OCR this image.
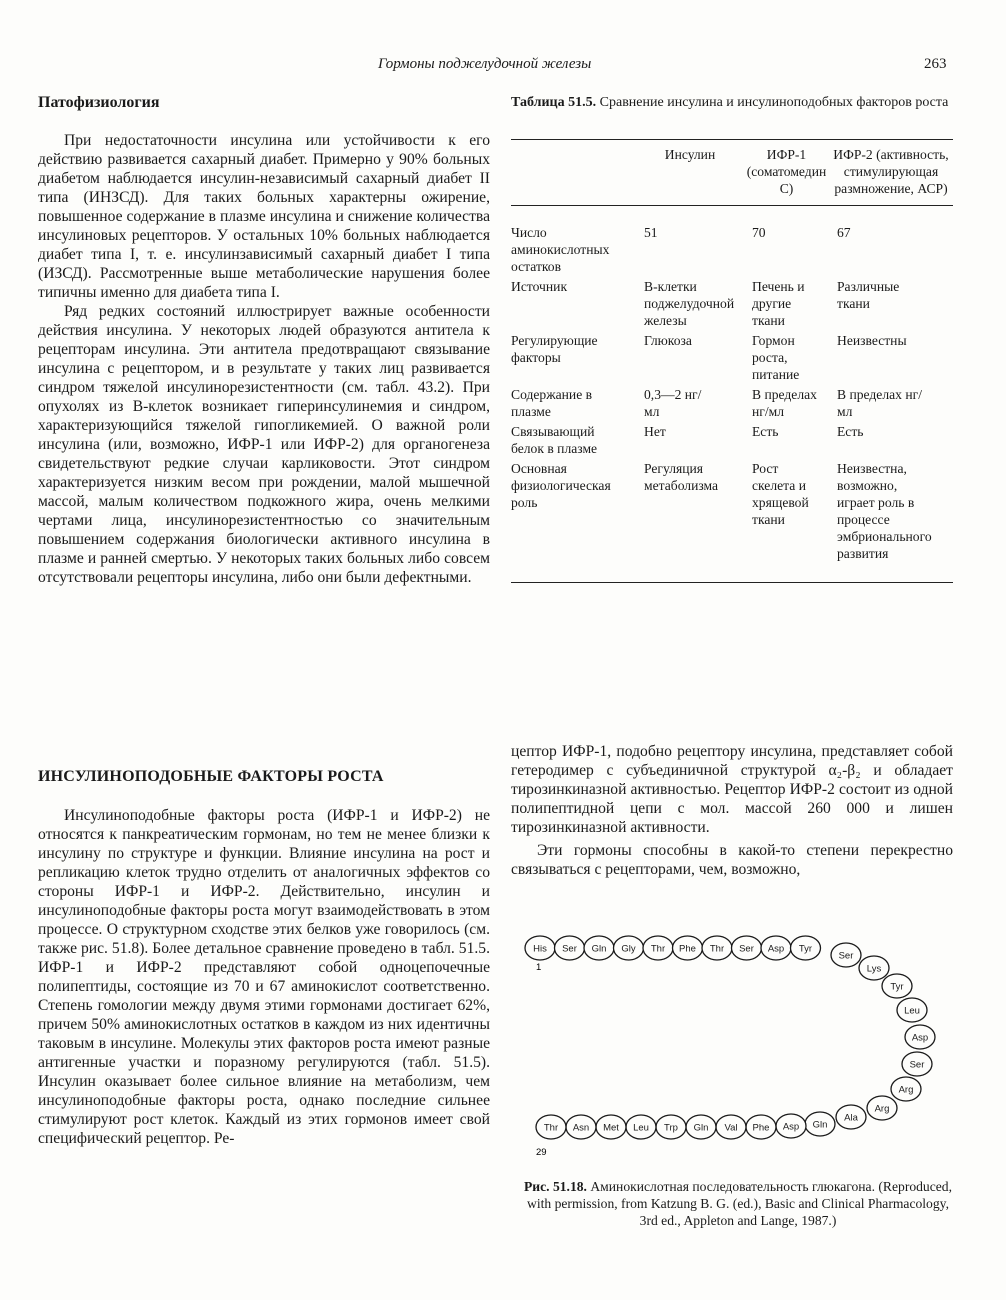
Гормоны поджелудочной железы	263
Патофизиология

При недостаточности инсулина или устойчивости к его действию развивается сахарный диабет. Примерно у 90% больных диабетом наблюдается инсулин-независимый сахарный диабет II типа (ИНЗСД). Для таких больных характерны ожирение, повышенное содержание в плазме инсулина и снижение количества инсулиновых рецепторов. У остальных 10% больных наблюдается диабет типа I, т. е. инсулинзависимый сахарный диабет I типа (ИЗСД). Рассмотренные выше метаболические нарушения более типичны именно для диабета типа I.

Ряд редких состояний иллюстрирует важные особенности действия инсулина. У некоторых людей образуются антитела к рецепторам инсулина. Эти антитела предотвращают связывание инсулина с рецептором, и в результате у таких лиц развивается синдром тяжелой инсулинорезистентности (см. табл. 43.2). При опухолях из В-клеток возникает гиперинсулинемия и синдром, характеризующийся тяжелой гипогликемией. О важной роли инсулина (или, возможно, ИФР-1 или ИФР-2) для органогенеза свидетельствуют редкие случаи карликовости. Этот синдром характеризуется низким весом при рождении, малой мышечной массой, малым количеством подкожного жира, очень мелкими чертами лица, инсулинорезистентностью со значительным повышением содержания биологически активного инсулина в плазме и ранней смертью. У некоторых таких больных либо совсем отсутствовали рецепторы инсулина, либо они были дефектными.

ИНСУЛИНОПОДОБНЫЕ ФАКТОРЫ РОСТА

Инсулиноподобные факторы роста (ИФР-1 и ИФР-2) не относятся к панкреатическим гормонам, но тем не менее близки к инсулину по структуре и функции. Влияние инсулина на рост и репликацию клеток трудно отделить от аналогичных эффектов со стороны ИФР-1 и ИФР-2. Действительно, инсулин и инсулиноподобные факторы роста могут взаимодействовать в этом процессе. О структурном сходстве этих белков уже говорилось (см. также рис. 51.8). Более детальное сравнение проведено в табл. 51.5. ИФР-1 и ИФР-2 представляют собой одноцепочечные полипептиды, состоящие из 70 и 67 аминокислот соответственно. Степень гомологии между двумя этими гормонами достигает 62%, причем 50% аминокислотных остатков в каждом из них идентичны таковым в инсулине. Молекулы этих факторов роста имеют разные антигенные участки и поразному регулируются (табл. 51.5). Инсулин оказывает более сильное влияние на метаболизм, чем инсулиноподобные факторы роста, однако последние сильнее стимулируют рост клеток. Каждый из этих гормонов имеет свой специфический рецептор. Ре-

Таблица 51.5. Сравнение инсулина и инсулиноподобных факторов роста
	Инсулин	ИФР-1 (соматомедин С)	ИФР-2 (активность, стимулирующая размножение, АСР)
Число аминокислотных остатков	51	70	67
Источник	В-клетки поджелудочной железы	Печень и другие ткани	Различные ткани
Регулирующие факторы	Глюкоза	Гормон роста, питание	Неизвестны
Содержание в плазме	0,3—2 нг/мл	В пределах нг/мл	В пределах нг/мл
Связывающий белок в плазме	Нет	Есть	Есть
Основная физиологическая роль	Регуляция метаболизма	Рост скелета и хрящевой ткани	Неизвестна, возможно, играет роль в процессе эмбрионального развития

цептор ИФР-1, подобно рецептору инсулина, представляет собой гетеродимер с субъединичной структурой α₂-β₂ и обладает тирозинкиназной активностью. Рецептор ИФР-2 состоит из одной полипептидной цепи с мол. массой 260 000 и лишен тирозинкиназной активности.

Эти гормоны способны в какой-то степени перекрестно связываться с рецепторами, чем, возможно,

His Ser Gln Gly Thr Phe Thr Ser Asp Tyr
Ser
Lys
Tyr
Leu
Asp
Ser
Arg
Arg
Ala
Gln
Asp
Phe
Val
Gln
Trp
Leu
Met
Asn
Thr
1
29
Рис. 51.18. Аминокислотная последовательность глюкагона. (Reproduced, with permission, from Katzung B. G. (ed.), Basic and Clinical Pharmacology, 3rd ed., Appleton and Lange, 1987.)
